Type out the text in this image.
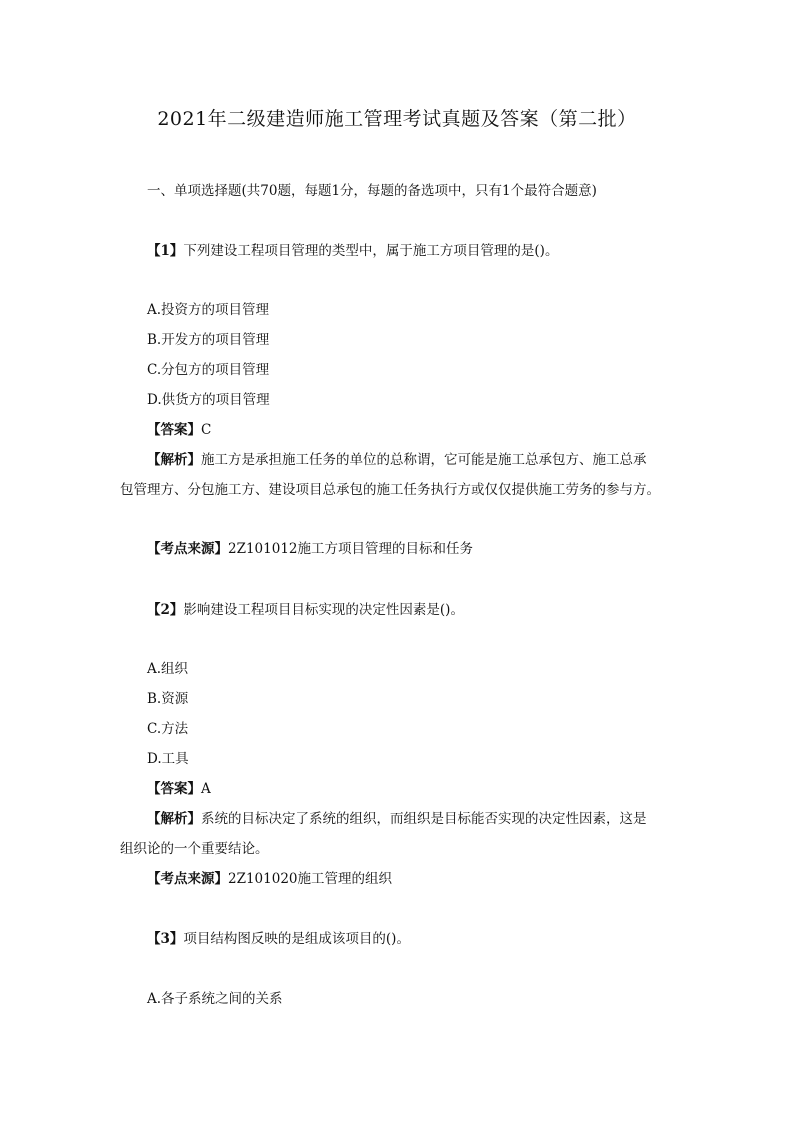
2021年二级建造师施工管理考试真题及答案（第二批）
一、单项选择题(共70题，每题1分，每题的备选项中，只有1个最符合题意)
【1】下列建设工程项目管理的类型中，属于施工方项目管理的是()。
A.投资方的项目管理
B.开发方的项目管理
C.分包方的项目管理
D.供货方的项目管理
【答案】C
【解析】施工方是承担施工任务的单位的总称谓，它可能是施工总承包方、施工总承
包管理方、分包施工方、建设项目总承包的施工任务执行方或仅仅提供施工劳务的参与方。
【考点来源】2Z101012施工方项目管理的目标和任务
【2】影响建设工程项目目标实现的决定性因素是()。
A.组织
B.资源
C.方法
D.工具
【答案】A
【解析】系统的目标决定了系统的组织，而组织是目标能否实现的决定性因素，这是
组织论的一个重要结论。
【考点来源】2Z101020施工管理的组织
【3】项目结构图反映的是组成该项目的()。
A.各子系统之间的关系
